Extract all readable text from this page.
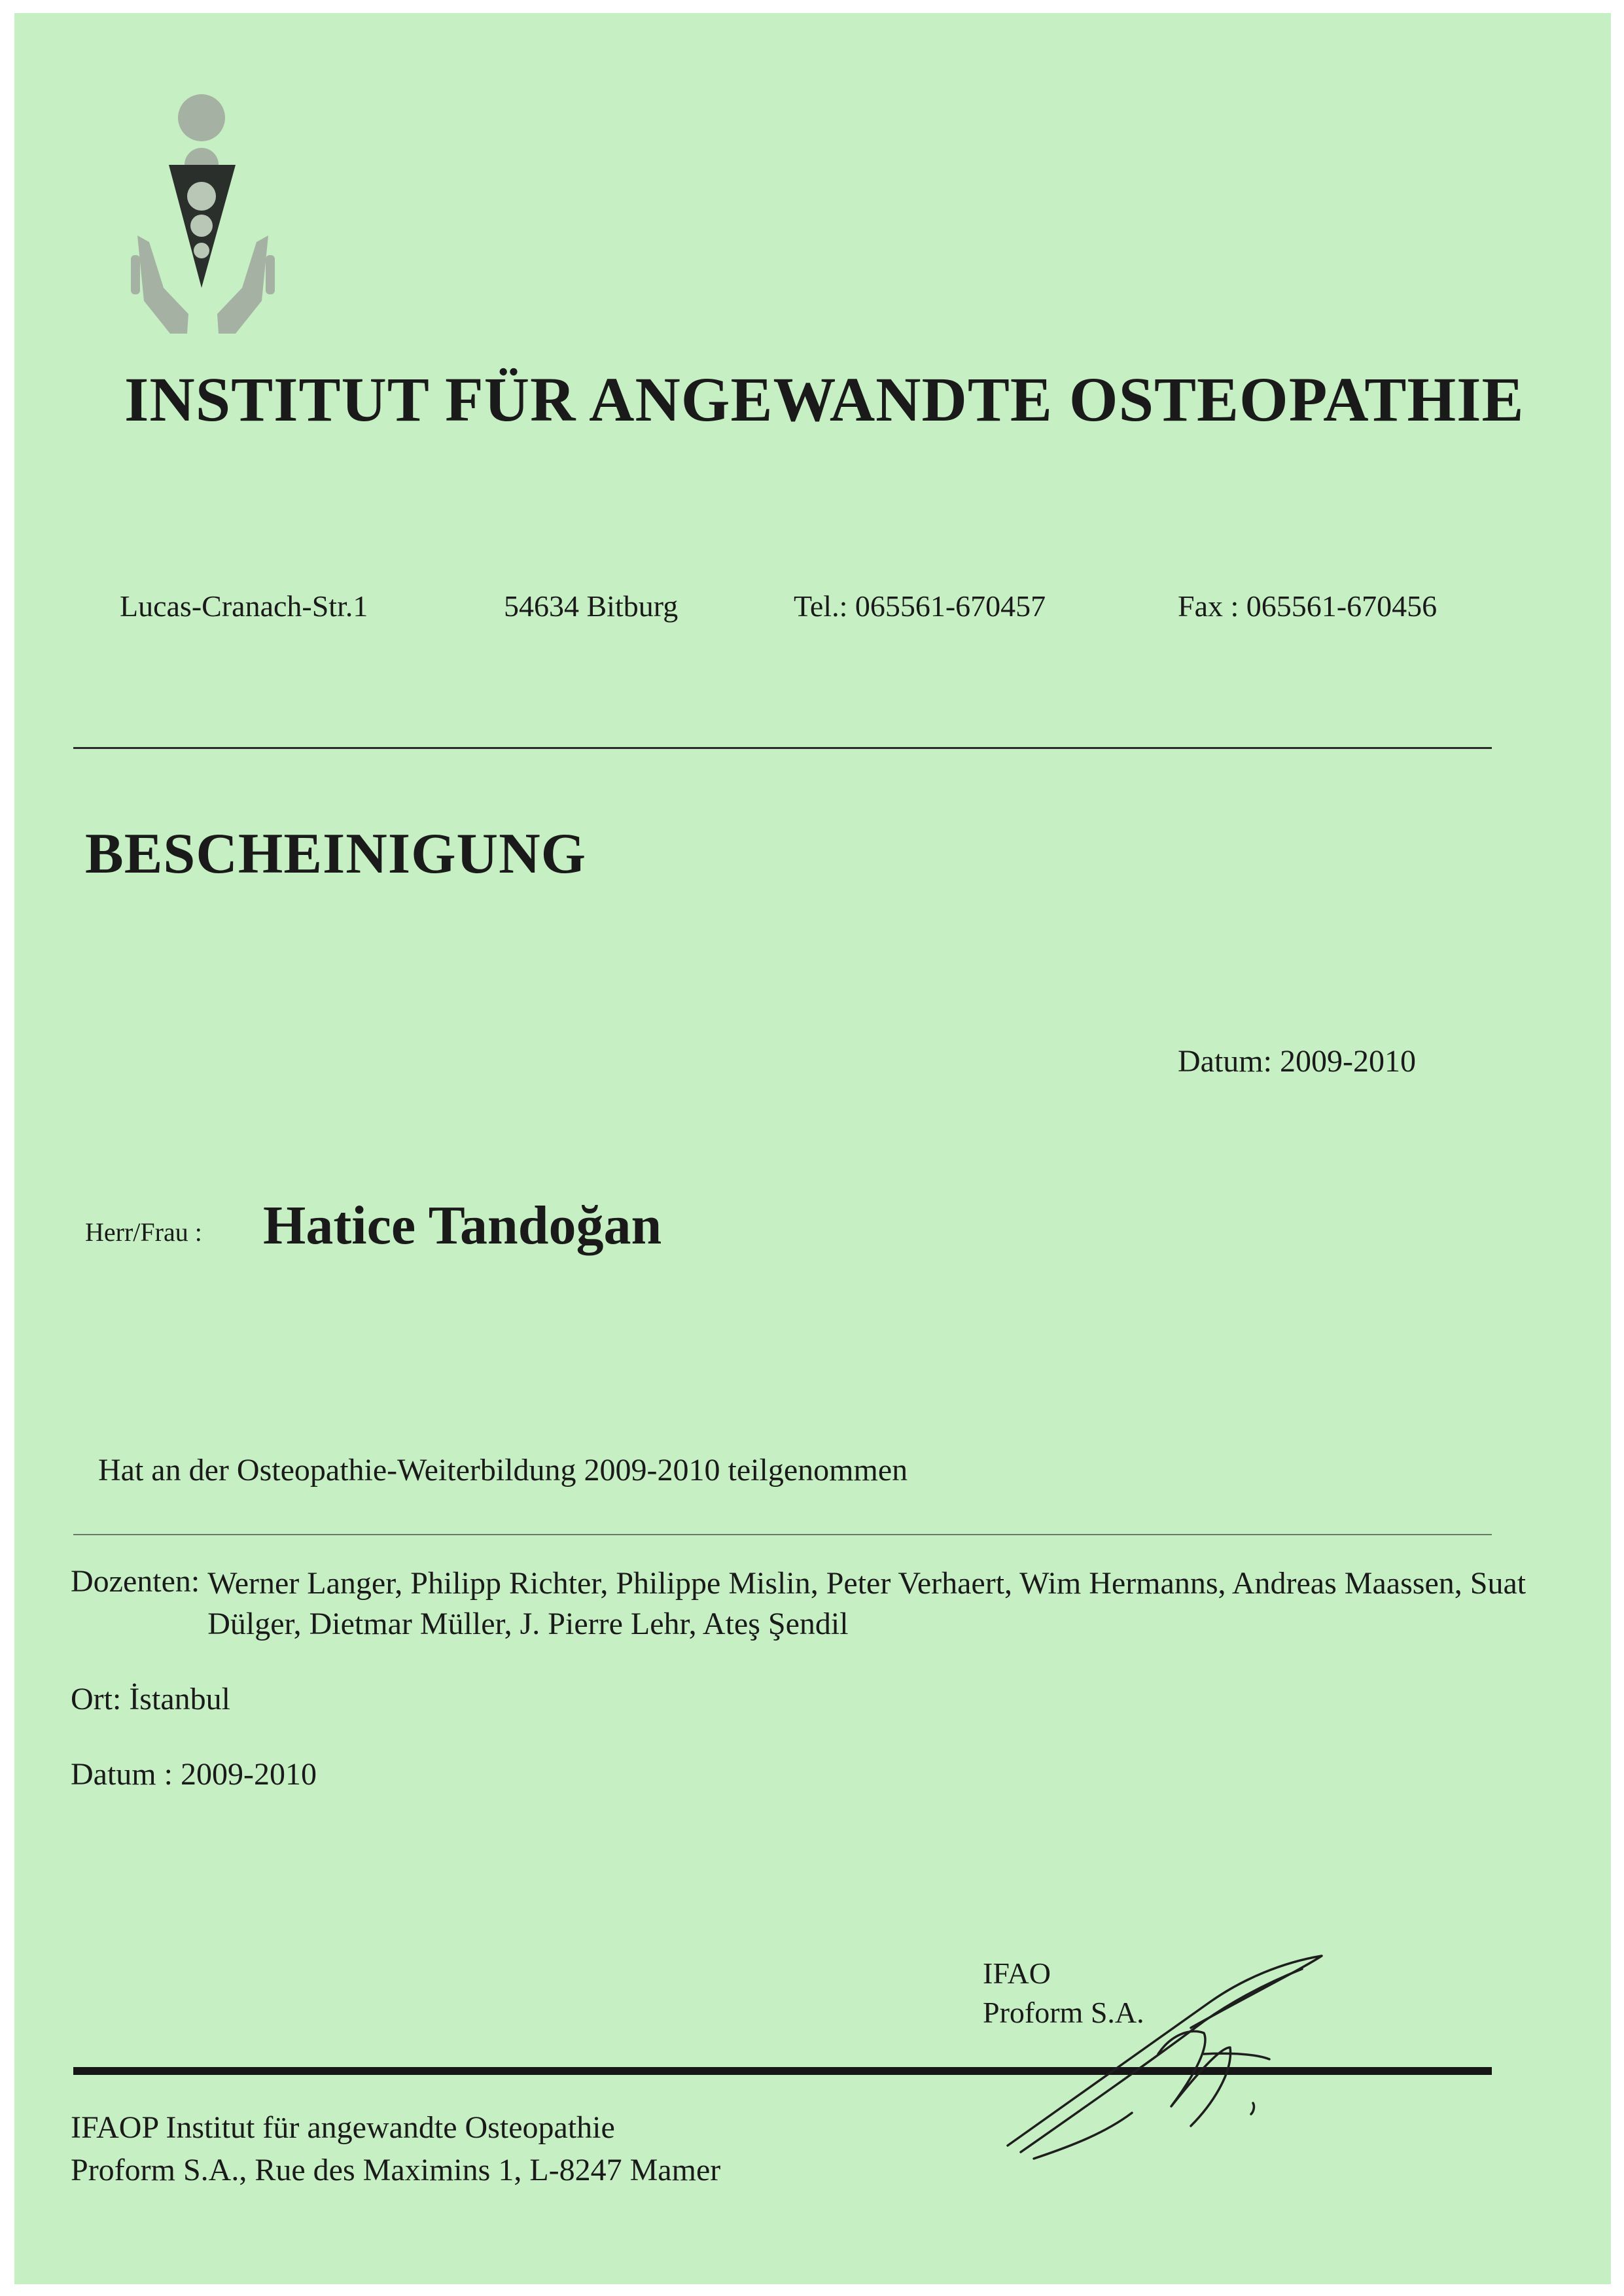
INSTITUT FÜR ANGEWANDTE OSTEOPATHIE
Lucas-Cranach-Str.1	54634 Bitburg	Tel.: 065561-670457	Fax : 065561-670456
BESCHEINIGUNG
Datum: 2009-2010
Herr/Frau : Hatice Tandoğan
Hat an der Osteopathie-Weiterbildung 2009-2010 teilgenommen
Dozenten: Werner Langer, Philipp Richter, Philippe Mislin, Peter Verhaert, Wim Hermanns, Andreas Maassen, Suat Dülger, Dietmar Müller, J. Pierre Lehr, Ateş Şendil
Ort: İstanbul
Datum : 2009-2010
IFAO
Proform S.A.
IFAOP Institut für angewandte Osteopathie
Proform S.A., Rue des Maximins 1, L-8247 Mamer
